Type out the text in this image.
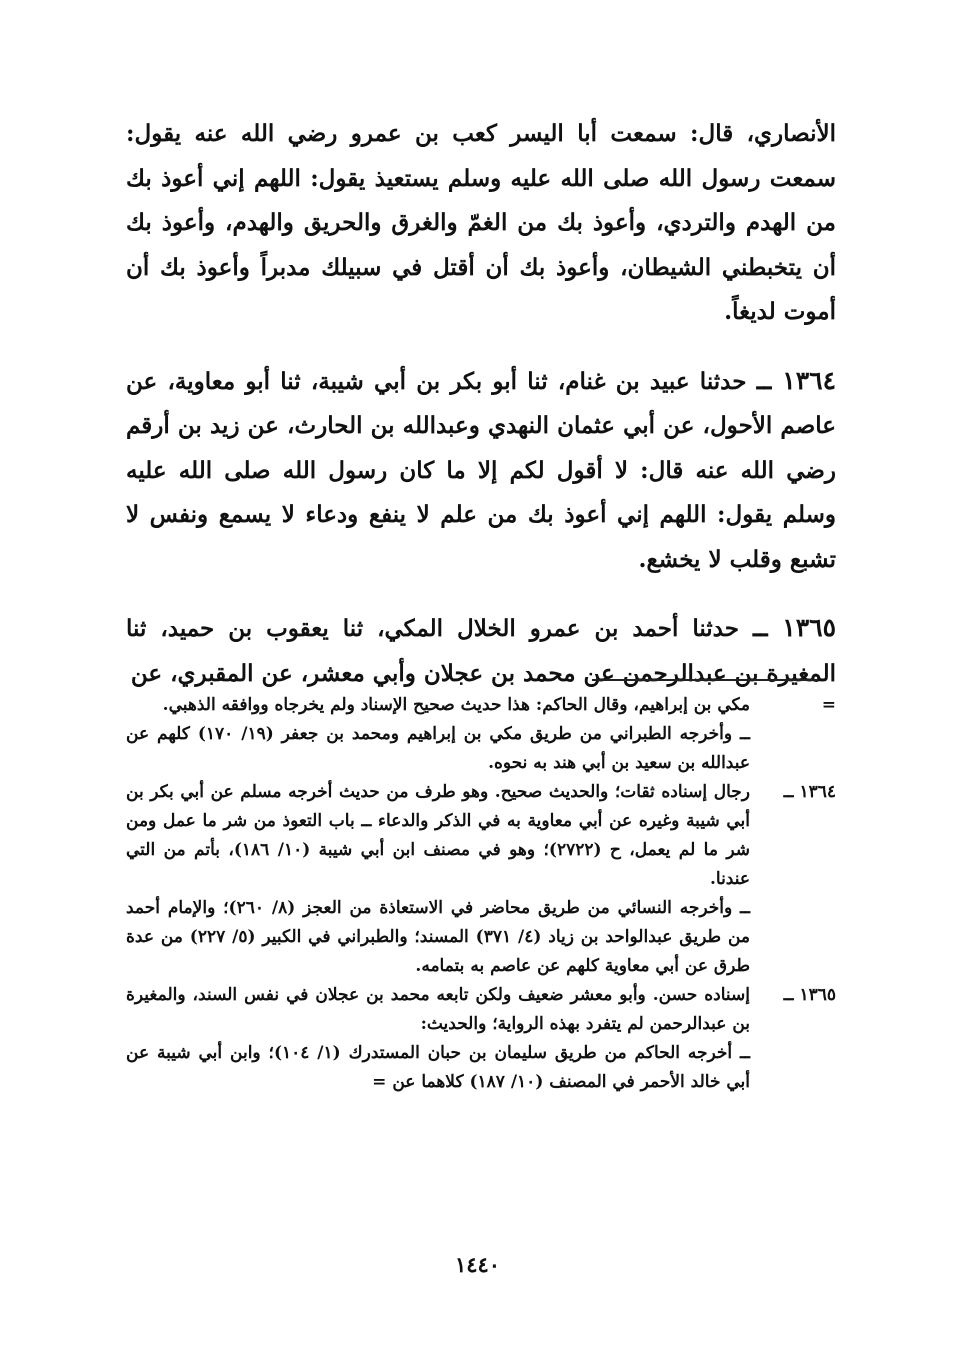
الأنصاري، قال: سمعت أبا اليسر كعب بن عمرو رضي الله عنه يقول: سمعت رسول الله صلى الله عليه وسلم يستعيذ يقول: اللهم إني أعوذ بك من الهدم والتردي، وأعوذ بك من الغمّ والغرق والحريق والهدم، وأعوذ بك أن يتخبطني الشيطان، وأعوذ بك أن أقتل في سبيلك مدبراً وأعوذ بك أن أموت لديغاً.

١٣٦٤ ــ حدثنا عبيد بن غنام، ثنا أبو بكر بن أبي شيبة، ثنا أبو معاوية، عن عاصم الأحول، عن أبي عثمان النهدي وعبدالله بن الحارث، عن زيد بن أرقم رضي الله عنه قال: لا أقول لكم إلا ما كان رسول الله صلى الله عليه وسلم يقول: اللهم إني أعوذ بك من علم لا ينفع ودعاء لا يسمع ونفس لا تشبع وقلب لا يخشع.

١٣٦٥ ــ حدثنا أحمد بن عمرو الخلال المكي، ثنا يعقوب بن حميد، ثنا المغيرة بن عبدالرحمن عن محمد بن عجلان وأبي معشر، عن المقبري، عن

=

مكي بن إبراهيم، وقال الحاكم: هذا حديث صحيح الإسناد ولم يخرجاه ووافقه الذهبي.

ــ وأخرجه الطبراني من طريق مكي بن إبراهيم ومحمد بن جعفر (١٩/ ١٧٠) كلهم عن عبدالله بن سعيد بن أبي هند به نحوه.

١٣٦٤ ــ

رجال إسناده ثقات؛ والحديث صحيح. وهو طرف من حديث أخرجه مسلم عن أبي بكر بن أبي شيبة وغيره عن أبي معاوية به في الذكر والدعاء ــ باب التعوذ من شر ما عمل ومن شر ما لم يعمل، ح (٢٧٢٢)؛ وهو في مصنف ابن أبي شيبة (١٠/ ١٨٦)، بأتم من التي عندنا.

ــ وأخرجه النسائي من طريق محاضر في الاستعاذة من العجز (٨/ ٢٦٠)؛ والإمام أحمد من طريق عبدالواحد بن زياد (٤/ ٣٧١) المسند؛ والطبراني في الكبير (٥/ ٢٢٧) من عدة طرق عن أبي معاوية كلهم عن عاصم به بتمامه.

١٣٦٥ ــ

إسناده حسن. وأبو معشر ضعيف ولكن تابعه محمد بن عجلان في نفس السند، والمغيرة بن عبدالرحمن لم يتفرد بهذه الرواية؛ والحديث:

ــ أخرجه الحاكم من طريق سليمان بن حبان المستدرك (١/ ١٠٤)؛ وابن أبي شيبة عن أبي خالد الأحمر في المصنف (١٠/ ١٨٧) كلاهما عن =

١٤٤٠
